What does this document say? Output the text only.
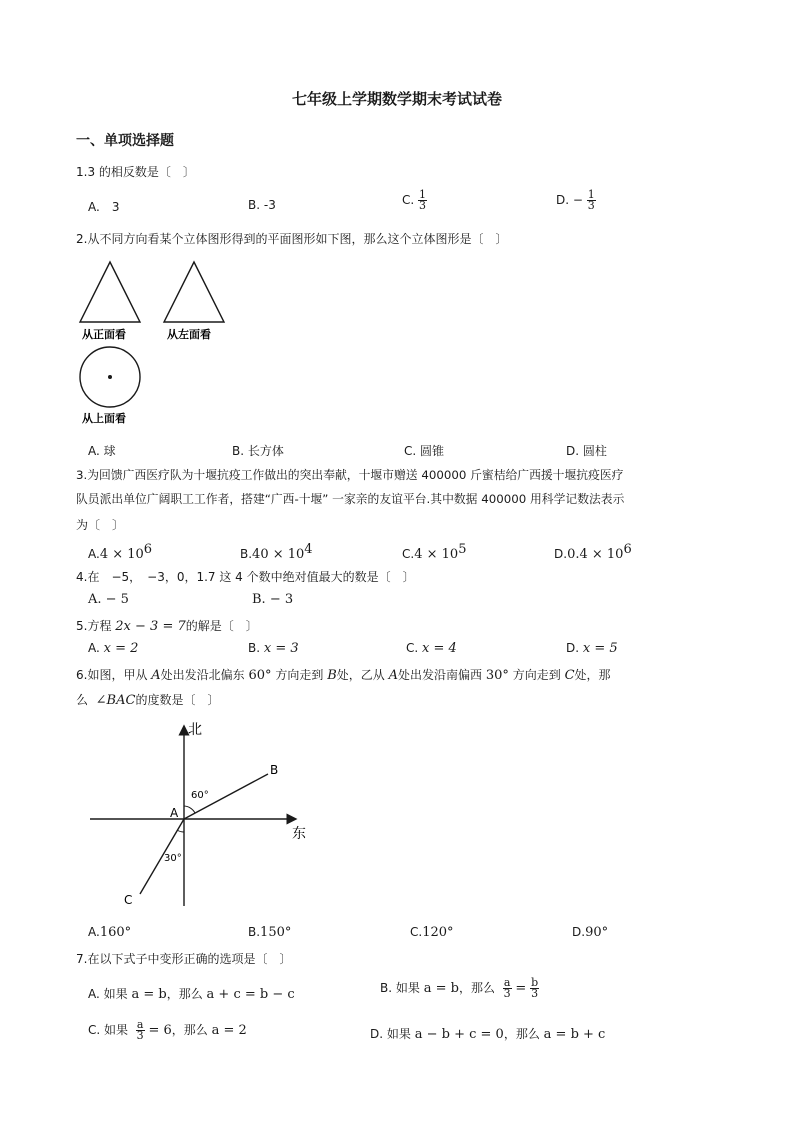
七年级上学期数学期末考试试卷
一、单项选择题
1.3 的相反数是〔　〕
A.　3	B. -3	C. $\frac{1}{3}$	D. − $\frac{1}{3}$
2.从不同方向看某个立体图形得到的平面图形如下图，那么这个立体图形是〔　〕
从正面看	从左面看
从上面看
A. 球	B. 长方体	C. 圆锥	D. 圆柱
3.为回馈广西医疗队为十堰抗疫工作做出的突出奉献，十堰市赠送 400000 斤蜜桔给广西援十堰抗疫医疗
队员派出单位广阔职工工作者，搭建“广西-十堰” 一家亲的友谊平台.其中数据 400000 用科学记数法表示
为〔　〕
$A.4 \times 10^6$	$B.40 \times 10^4$	$C.4 \times 10^5$	$D.0.4 \times 10^6$
4.在　−5，　−3，0，1.7 这 4 个数中绝对值最大的数是〔　〕
A. − 5	B. − 3
5.方程 2x − 3 = 7的解是〔　〕
A. x = 2	B. x = 3	C. x = 4	D. x = 5
6.如图，甲从 A处出发沿北偏东 60° 方向走到 B处，乙从 A处出发沿南偏西 30° 方向走到 C处，那
么 ∠BAC的度数是〔　〕
北
东
A
B
C
60°
30°
A.160°	B.150°	C.120°	D.90°
7.在以下式子中变形正确的选项是〔　〕
A. 如果 a = b，那么 a + c = b − c	B. 如果 a = b，那么 $\frac{a}{3} = \frac{b}{3}$
C. 如果 $\frac{a}{3} = 6$，那么 a = 2	D. 如果 a − b + c = 0，那么 a = b + c
